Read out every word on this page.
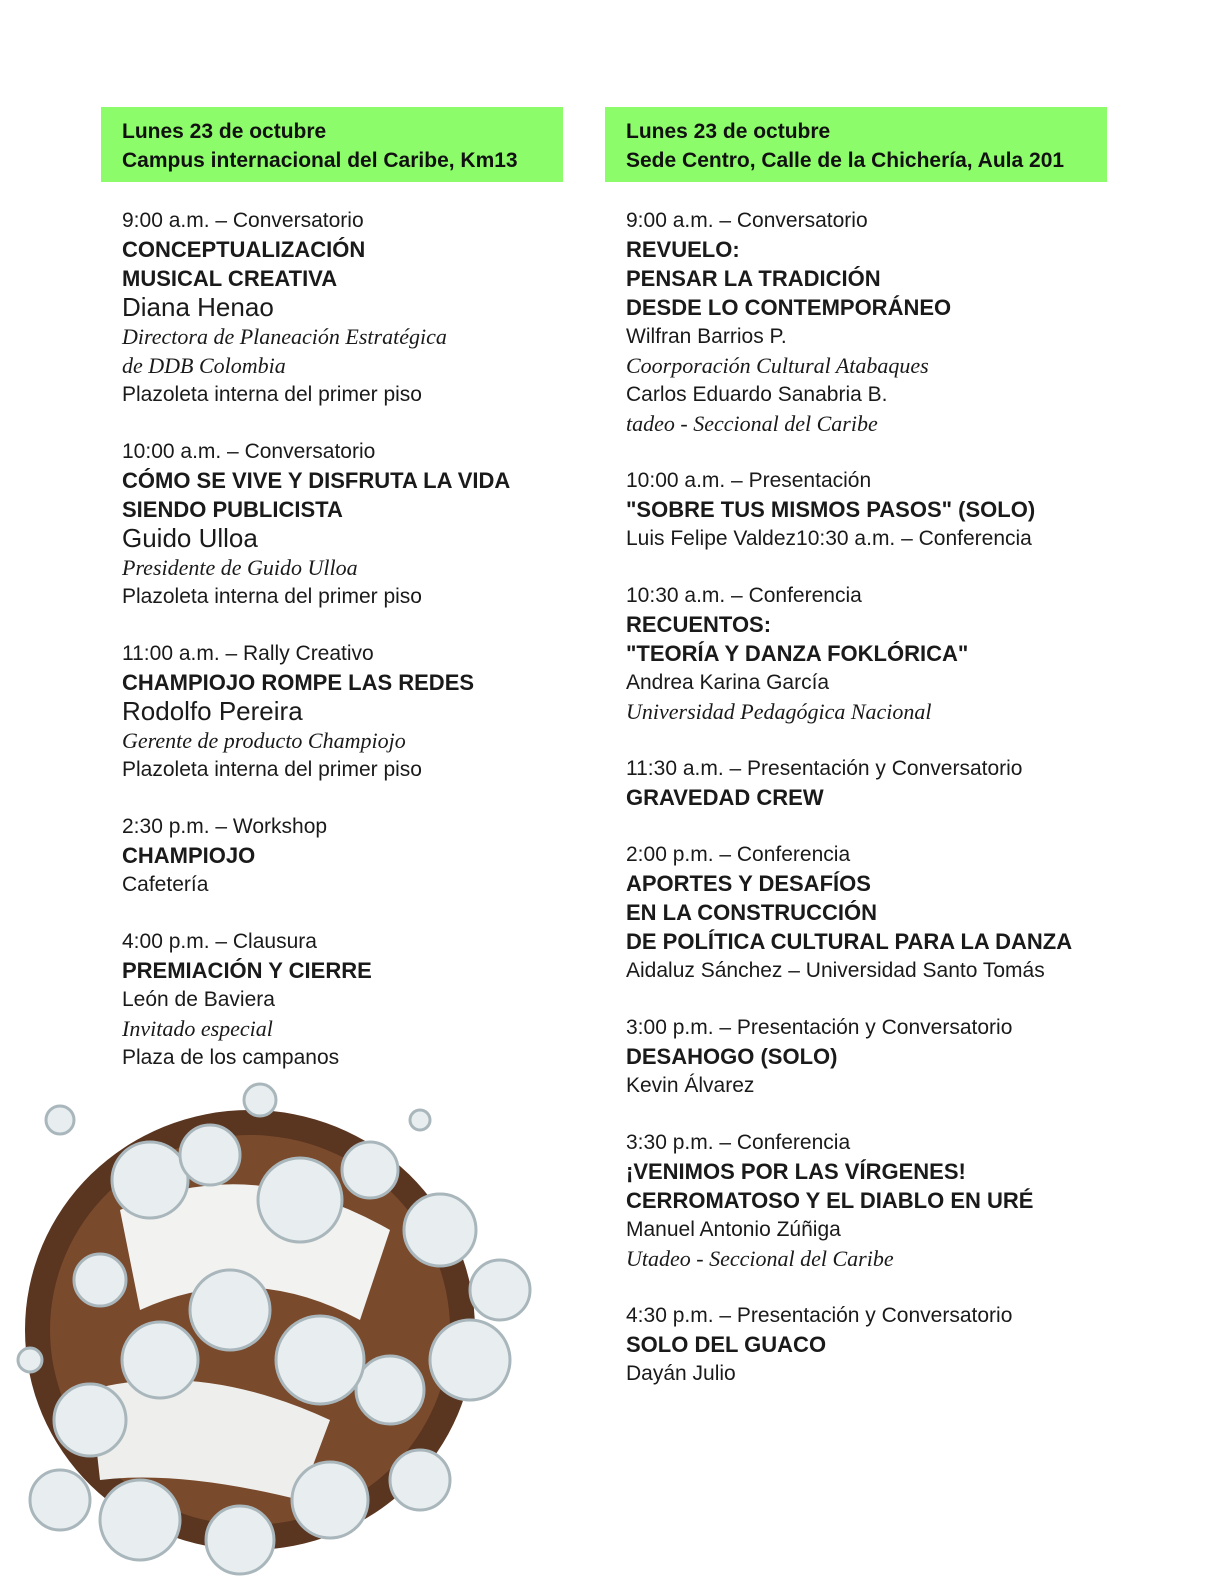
Lunes 23 de octubre
Campus internacional del Caribe, Km13
9:00 a.m. – Conversatorio
CONCEPTUALIZACIÓN
MUSICAL CREATIVA
Diana Henao
Directora de Planeación Estratégica
de DDB Colombia
Plazoleta interna del primer piso
10:00 a.m. – Conversatorio
CÓMO SE VIVE Y DISFRUTA LA VIDA
SIENDO PUBLICISTA
Guido Ulloa
Presidente de Guido Ulloa
Plazoleta interna del primer piso
11:00 a.m. – Rally Creativo
CHAMPIOJO ROMPE LAS REDES
Rodolfo Pereira
Gerente de producto Champiojo
Plazoleta interna del primer piso
2:30 p.m. – Workshop
CHAMPIOJO
Cafetería
4:00 p.m. – Clausura
PREMIACIÓN Y CIERRE
León de Baviera
Invitado especial
Plaza de los campanos
Lunes 23 de octubre
Sede Centro, Calle de la Chichería, Aula 201
9:00 a.m. – Conversatorio
REVUELO:
PENSAR LA TRADICIÓN
DESDE LO CONTEMPORÁNEO
Wilfran Barrios P.
Coorporación Cultural Atabaques
Carlos Eduardo Sanabria B.
tadeo - Seccional del Caribe
10:00 a.m. – Presentación
"SOBRE TUS MISMOS PASOS" (SOLO)
Luis Felipe Valdez10:30 a.m. – Conferencia
10:30 a.m. – Conferencia
RECUENTOS:
"TEORÍA Y DANZA FOKLÓRICA"
Andrea Karina García
Universidad Pedagógica Nacional
11:30 a.m. – Presentación y Conversatorio
GRAVEDAD CREW
2:00 p.m. – Conferencia
APORTES Y DESAFÍOS
EN LA CONSTRUCCIÓN
DE POLÍTICA CULTURAL PARA LA DANZA
Aidaluz Sánchez – Universidad Santo Tomás
3:00 p.m. – Presentación y Conversatorio
DESAHOGO (SOLO)
Kevin Álvarez
3:30 p.m. – Conferencia
¡VENIMOS POR LAS VÍRGENES!
CERROMATOSO Y EL DIABLO EN URÉ
Manuel Antonio Zúñiga
Utadeo - Seccional del Caribe
4:30 p.m. – Presentación y Conversatorio
SOLO DEL GUACO
Dayán Julio
